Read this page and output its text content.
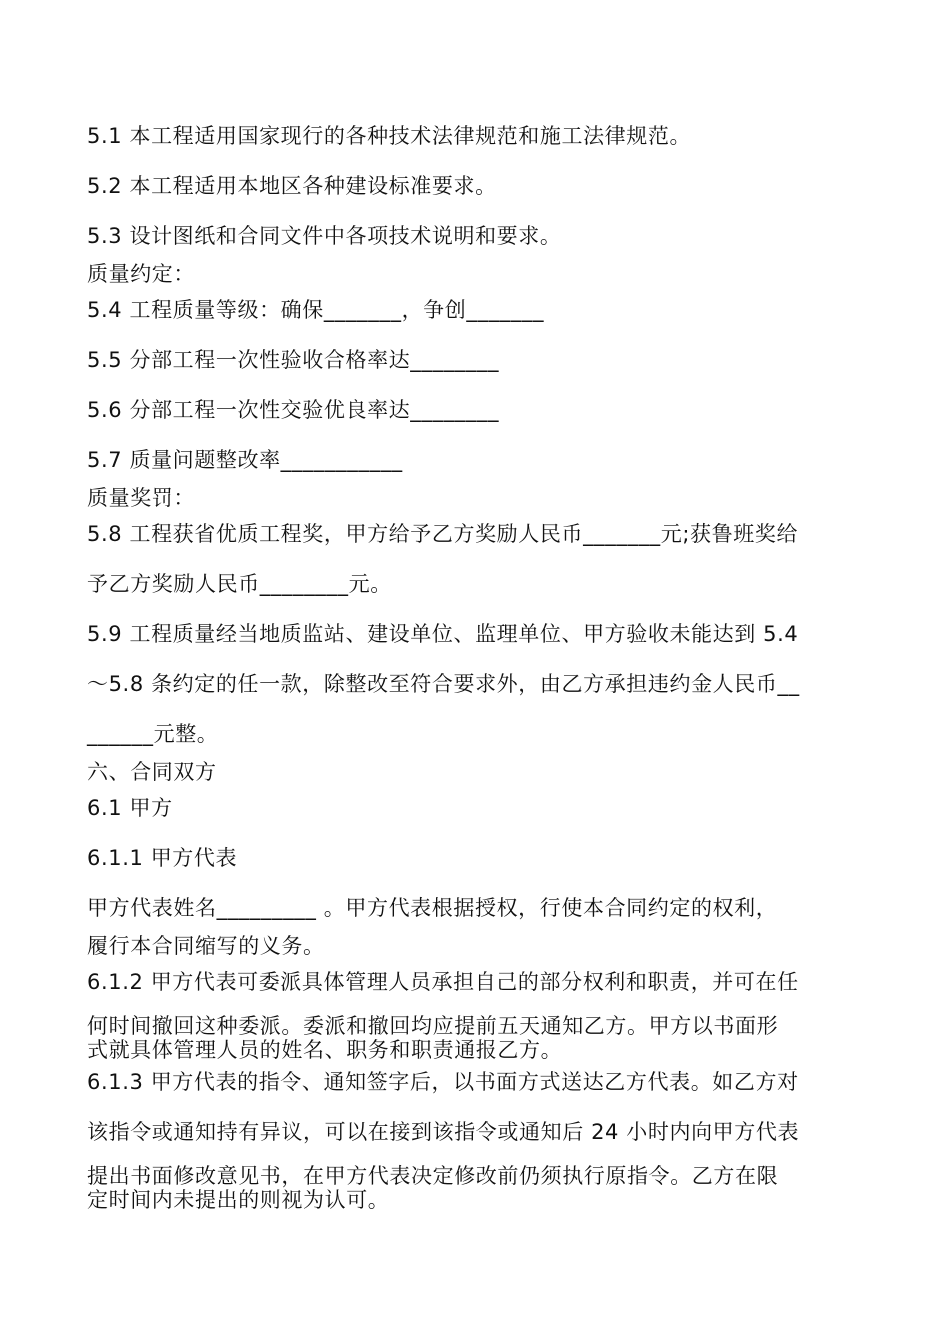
5.1 本工程适用国家现行的各种技术法律规范和施工法律规范。
5.2 本工程适用本地区各种建设标准要求。
5.3 设计图纸和合同文件中各项技术说明和要求。
质量约定：
5.4 工程质量等级：确保_______，争创_______
5.5 分部工程一次性验收合格率达________
5.6 分部工程一次性交验优良率达________
5.7 质量问题整改率___________
质量奖罚：
5.8 工程获省优质工程奖，甲方给予乙方奖励人民币_______元;获鲁班奖给
予乙方奖励人民币________元。
5.9 工程质量经当地质监站、建设单位、监理单位、甲方验收未能达到 5.4
～5.8 条约定的任一款，除整改至符合要求外，由乙方承担违约金人民币__
______元整。
六、合同双方
6.1 甲方
6.1.1 甲方代表
甲方代表姓名_________ 。甲方代表根据授权，行使本合同约定的权利，
履行本合同缩写的义务。
6.1.2 甲方代表可委派具体管理人员承担自己的部分权利和职责，并可在任
何时间撤回这种委派。委派和撤回均应提前五天通知乙方。甲方以书面形
式就具体管理人员的姓名、职务和职责通报乙方。
6.1.3 甲方代表的指令、通知签字后，以书面方式送达乙方代表。如乙方对
该指令或通知持有异议，可以在接到该指令或通知后 24 小时内向甲方代表
提出书面修改意见书，在甲方代表决定修改前仍须执行原指令。乙方在限
定时间内未提出的则视为认可。
